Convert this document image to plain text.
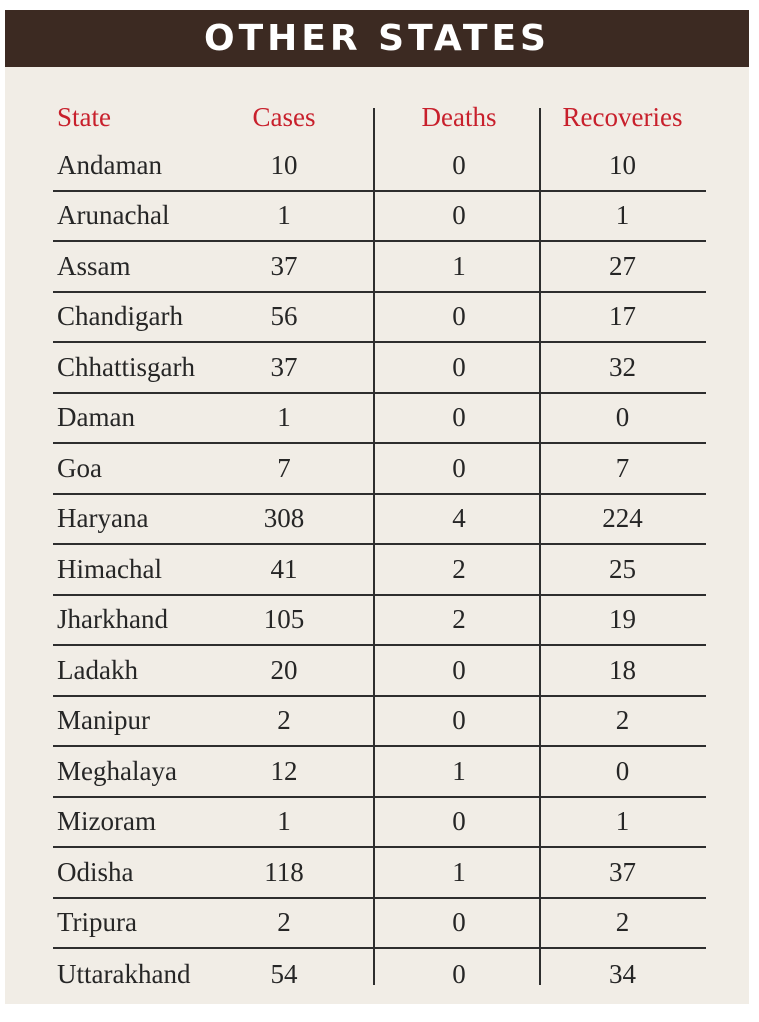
OTHER STATES
State	Cases	Deaths	Recoveries
Andaman	10	0	10
Arunachal	1	0	1
Assam	37	1	27
Chandigarh	56	0	17
Chhattisgarh	37	0	32
Daman	1	0	0
Goa	7	0	7
Haryana	308	4	224
Himachal	41	2	25
Jharkhand	105	2	19
Ladakh	20	0	18
Manipur	2	0	2
Meghalaya	12	1	0
Mizoram	1	0	1
Odisha	118	1	37
Tripura	2	0	2
Uttarakhand	54	0	34
